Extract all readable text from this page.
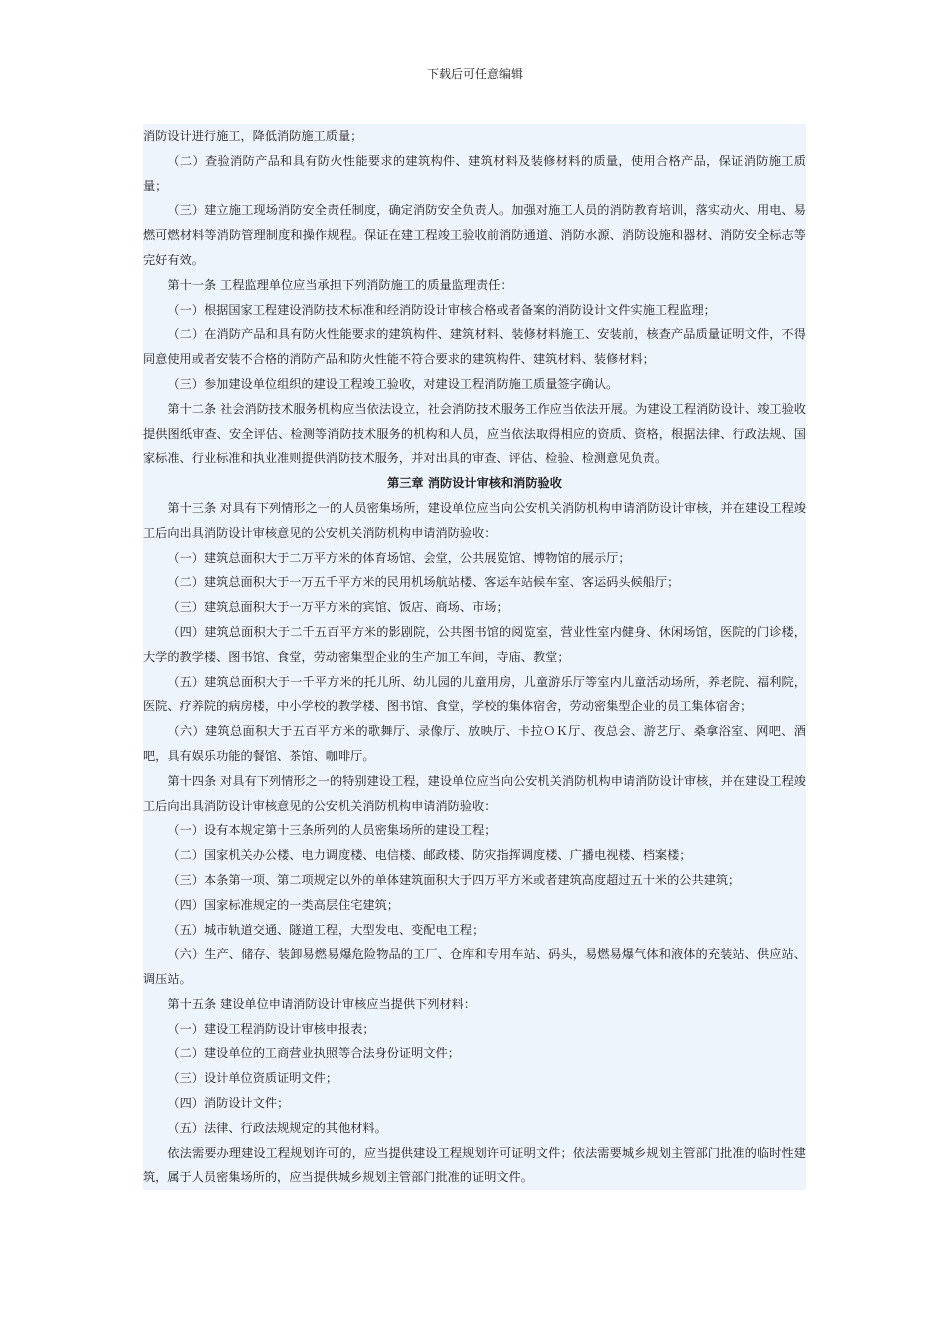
下载后可任意编辑

消防设计进行施工，降低消防施工质量；

（二）查验消防产品和具有防火性能要求的建筑构件、建筑材料及装修材料的质量，使用合格产品，保证消防施工质量；

（三）建立施工现场消防安全责任制度，确定消防安全负责人。加强对施工人员的消防教育培训，落实动火、用电、易燃可燃材料等消防管理制度和操作规程。保证在建工程竣工验收前消防通道、消防水源、消防设施和器材、消防安全标志等完好有效。

第十一条 工程监理单位应当承担下列消防施工的质量监理责任：

（一）根据国家工程建设消防技术标准和经消防设计审核合格或者备案的消防设计文件实施工程监理；

（二）在消防产品和具有防火性能要求的建筑构件、建筑材料、装修材料施工、安装前，核查产品质量证明文件，不得同意使用或者安装不合格的消防产品和防火性能不符合要求的建筑构件、建筑材料、装修材料；

（三）参加建设单位组织的建设工程竣工验收，对建设工程消防施工质量签字确认。

第十二条 社会消防技术服务机构应当依法设立，社会消防技术服务工作应当依法开展。为建设工程消防设计、竣工验收提供图纸审查、安全评估、检测等消防技术服务的机构和人员，应当依法取得相应的资质、资格，根据法律、行政法规、国家标准、行业标准和执业准则提供消防技术服务，并对出具的审查、评估、检验、检测意见负责。

第三章 消防设计审核和消防验收

第十三条 对具有下列情形之一的人员密集场所，建设单位应当向公安机关消防机构申请消防设计审核，并在建设工程竣工后向出具消防设计审核意见的公安机关消防机构申请消防验收：

（一）建筑总面积大于二万平方米的体育场馆、会堂，公共展览馆、博物馆的展示厅；

（二）建筑总面积大于一万五千平方米的民用机场航站楼、客运车站候车室、客运码头候船厅；

（三）建筑总面积大于一万平方米的宾馆、饭店、商场、市场；

（四）建筑总面积大于二千五百平方米的影剧院，公共图书馆的阅览室，营业性室内健身、休闲场馆，医院的门诊楼，大学的教学楼、图书馆、食堂，劳动密集型企业的生产加工车间，寺庙、教堂；

（五）建筑总面积大于一千平方米的托儿所、幼儿园的儿童用房，儿童游乐厅等室内儿童活动场所，养老院、福利院，医院、疗养院的病房楼，中小学校的教学楼、图书馆、食堂，学校的集体宿舍，劳动密集型企业的员工集体宿舍；

（六）建筑总面积大于五百平方米的歌舞厅、录像厅、放映厅、卡拉ＯＫ厅、夜总会、游艺厅、桑拿浴室、网吧、酒吧，具有娱乐功能的餐馆、茶馆、咖啡厅。

第十四条 对具有下列情形之一的特别建设工程，建设单位应当向公安机关消防机构申请消防设计审核，并在建设工程竣工后向出具消防设计审核意见的公安机关消防机构申请消防验收：

（一）设有本规定第十三条所列的人员密集场所的建设工程；

（二）国家机关办公楼、电力调度楼、电信楼、邮政楼、防灾指挥调度楼、广播电视楼、档案楼；

（三）本条第一项、第二项规定以外的单体建筑面积大于四万平方米或者建筑高度超过五十米的公共建筑；

（四）国家标准规定的一类高层住宅建筑；

（五）城市轨道交通、隧道工程，大型发电、变配电工程；

（六）生产、储存、装卸易燃易爆危险物品的工厂、仓库和专用车站、码头，易燃易爆气体和液体的充装站、供应站、调压站。

第十五条 建设单位申请消防设计审核应当提供下列材料：

（一）建设工程消防设计审核申报表；

（二）建设单位的工商营业执照等合法身份证明文件；

（三）设计单位资质证明文件；

（四）消防设计文件；

（五）法律、行政法规规定的其他材料。

依法需要办理建设工程规划许可的，应当提供建设工程规划许可证明文件；依法需要城乡规划主管部门批准的临时性建筑，属于人员密集场所的，应当提供城乡规划主管部门批准的证明文件。
